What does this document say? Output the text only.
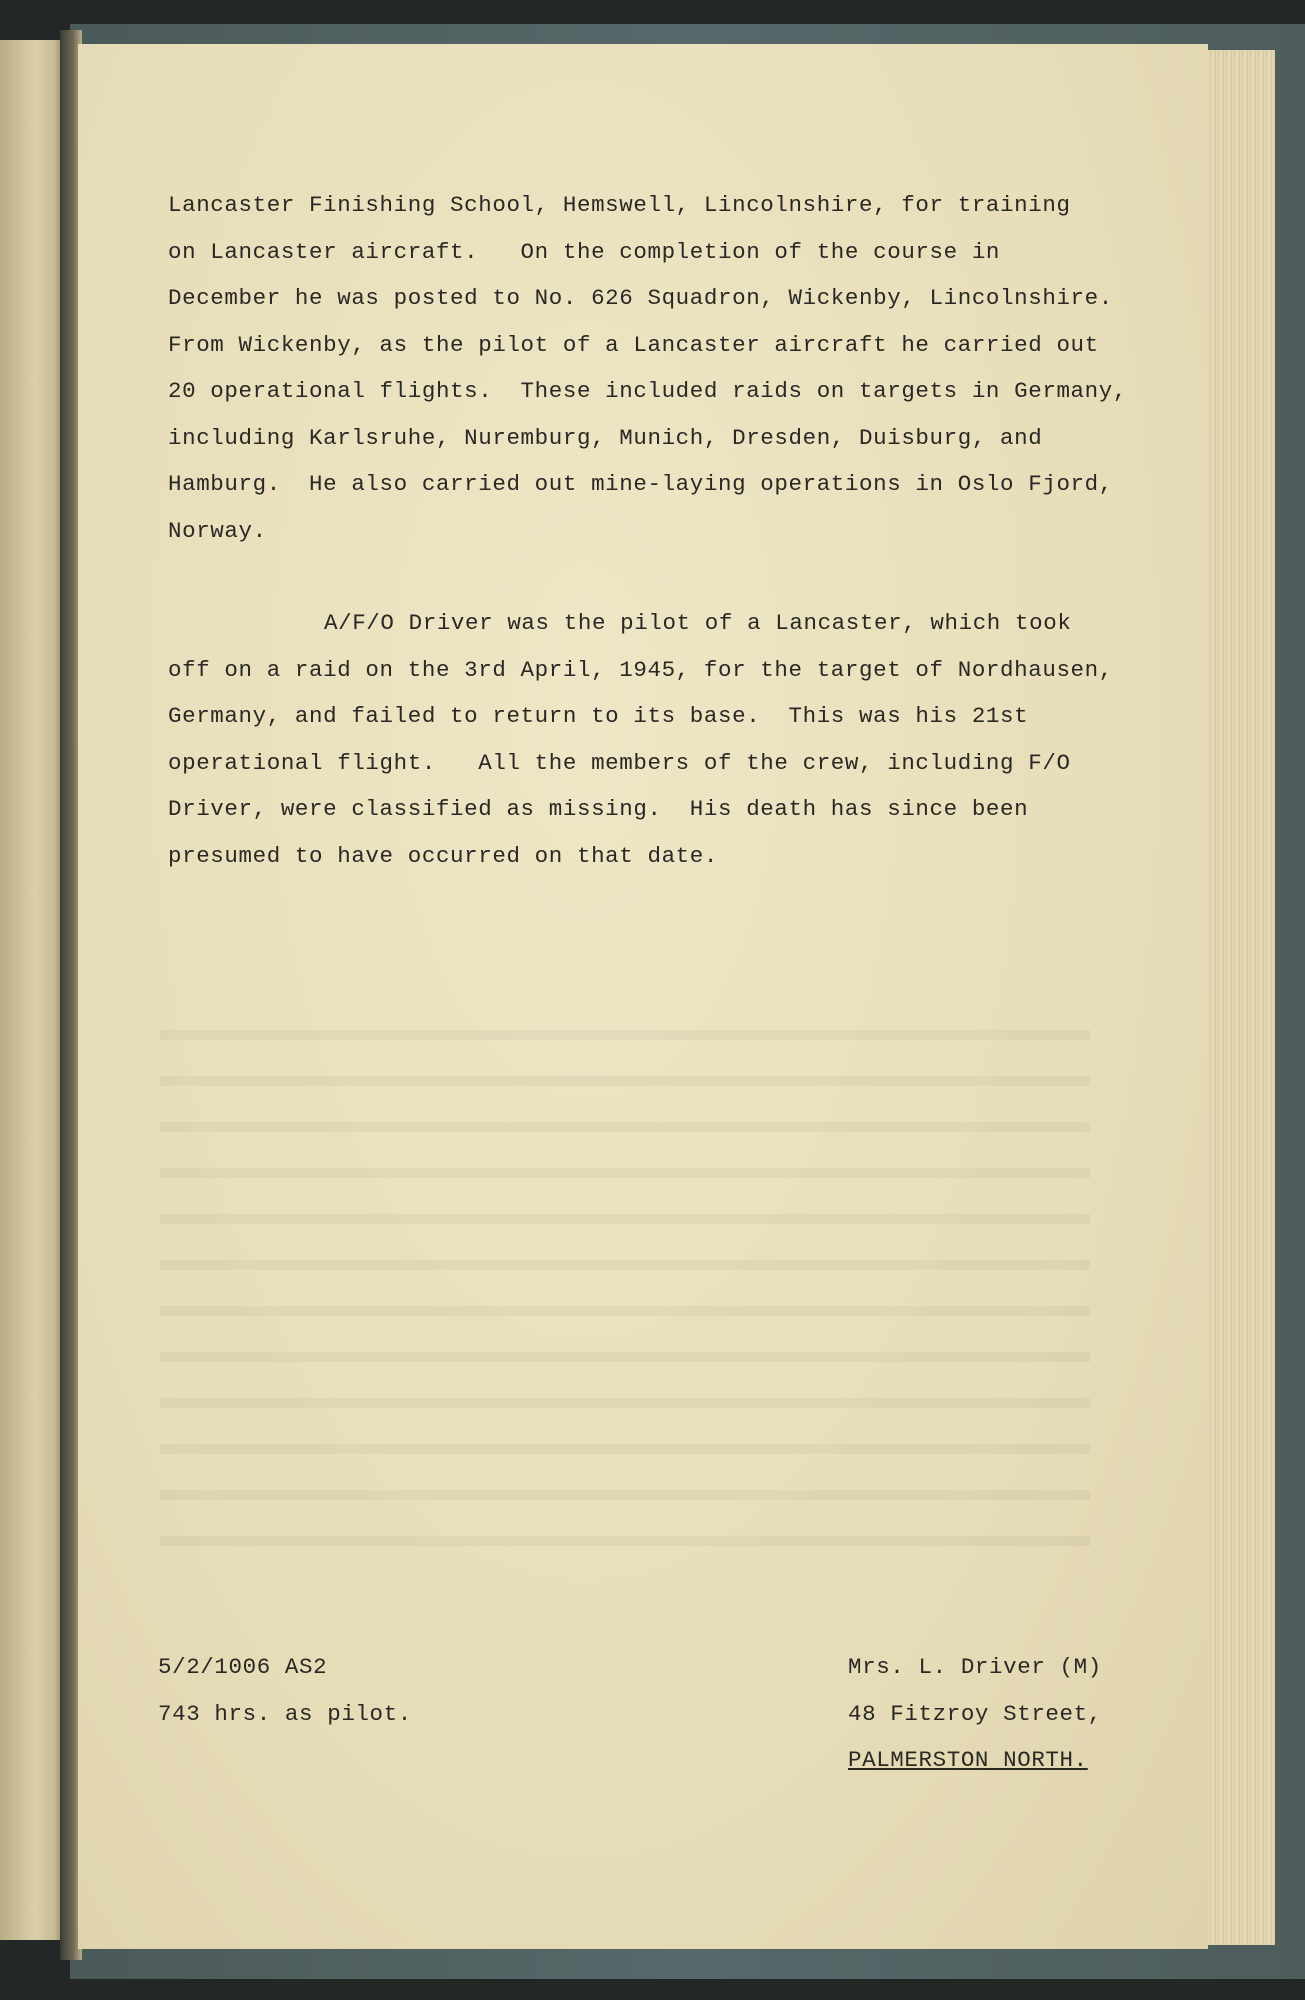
Lancaster Finishing School, Hemswell, Lincolnshire, for training
on Lancaster aircraft.   On the completion of the course in
December he was posted to No. 626 Squadron, Wickenby, Lincolnshire.
From Wickenby, as the pilot of a Lancaster aircraft he carried out
20 operational flights.  These included raids on targets in Germany,
including Karlsruhe, Nuremburg, Munich, Dresden, Duisburg, and
Hamburg.  He also carried out mine-laying operations in Oslo Fjord,
Norway.
A/F/O Driver was the pilot of a Lancaster, which took
off on a raid on the 3rd April, 1945, for the target of Nordhausen,
Germany, and failed to return to its base.  This was his 21st
operational flight.   All the members of the crew, including F/O
Driver, were classified as missing.  His death has since been
presumed to have occurred on that date.
5/2/1006 AS2
743 hrs. as pilot.
Mrs. L. Driver (M)
48 Fitzroy Street,
PALMERSTON NORTH.
